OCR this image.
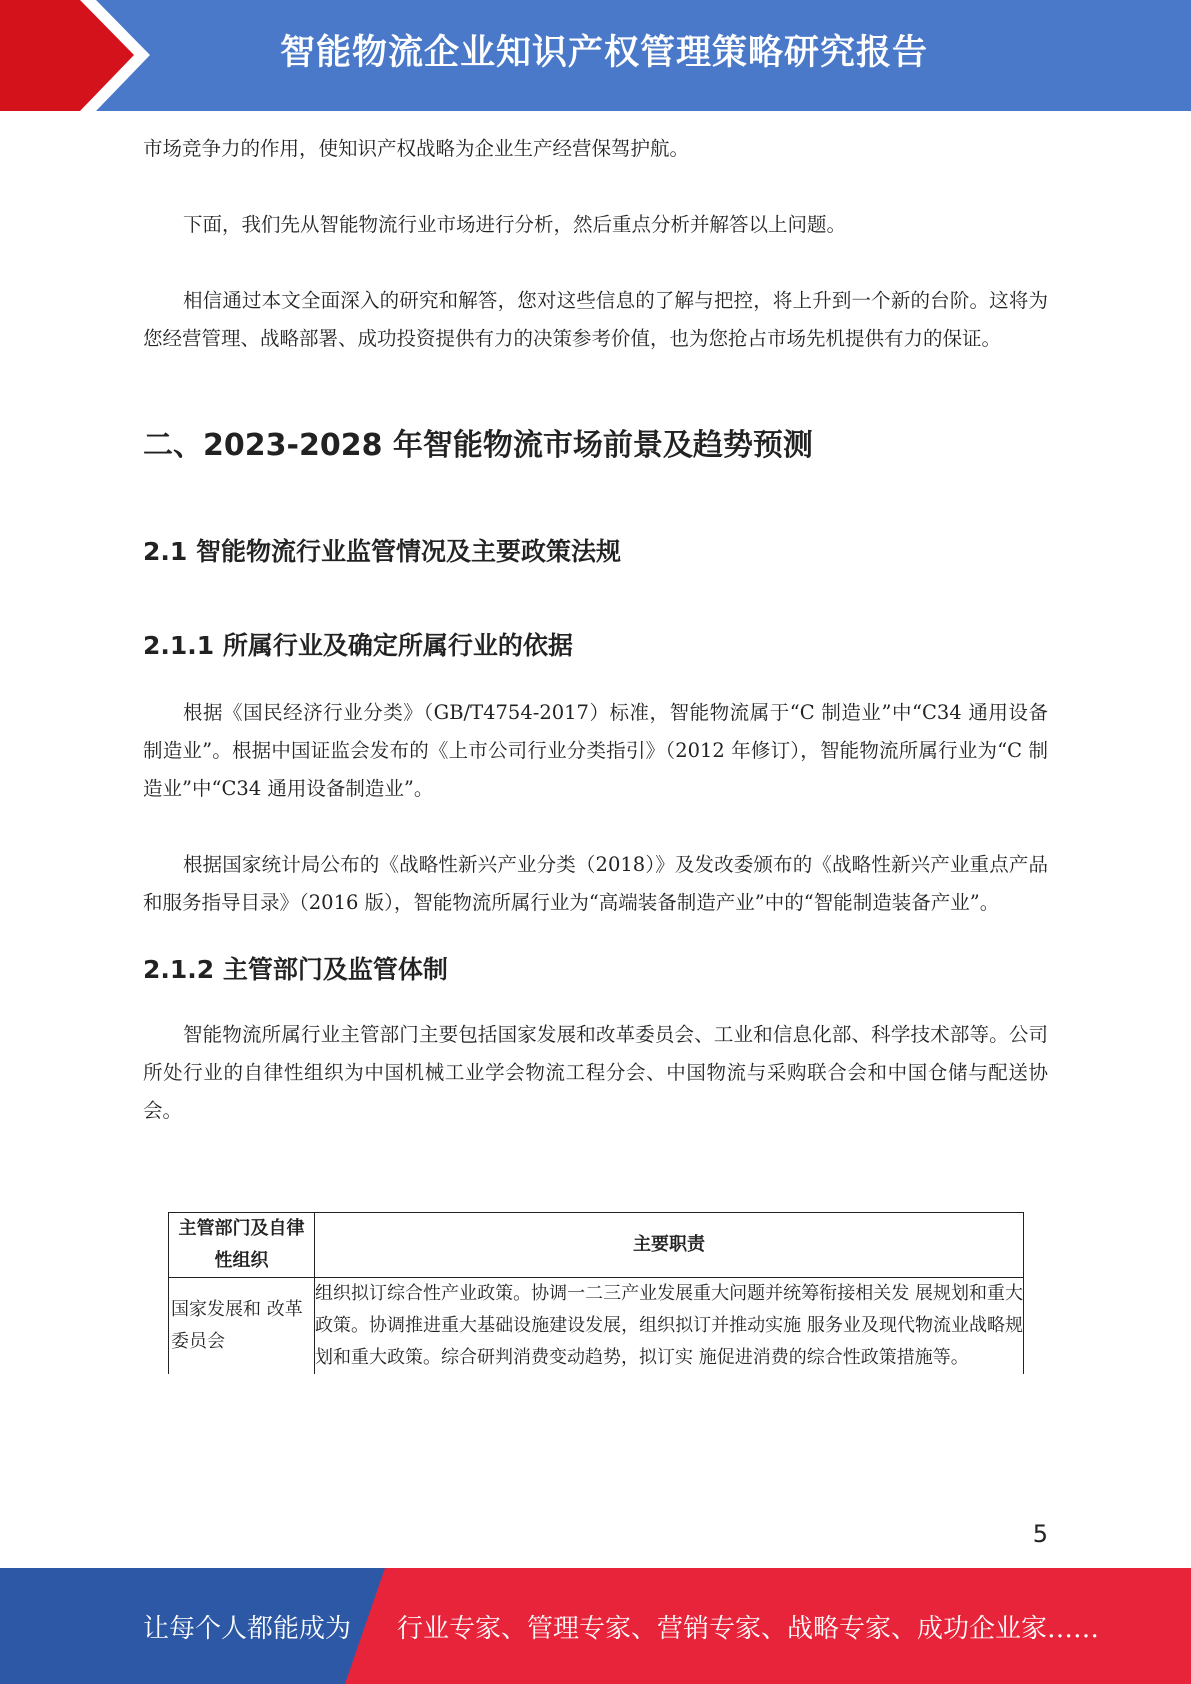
智能物流企业知识产权管理策略研究报告

市场竞争力的作用，使知识产权战略为企业生产经营保驾护航。

下面，我们先从智能物流行业市场进行分析，然后重点分析并解答以上问题。

相信通过本文全面深入的研究和解答，您对这些信息的了解与把控，将上升到一个新的台阶。这将为您经营管理、战略部署、成功投资提供有力的决策参考价值，也为您抢占市场先机提供有力的保证。

二、2023-2028 年智能物流市场前景及趋势预测
2.1 智能物流行业监管情况及主要政策法规
2.1.1 所属行业及确定所属行业的依据

根据《国民经济行业分类》（GB/T4754-2017）标准，智能物流属于“C 制造业”中“C34 通用设备制造业”。根据中国证监会发布的《上市公司行业分类指引》（2012 年修订），智能物流所属行业为“C 制造业”中“C34 通用设备制造业”。

根据国家统计局公布的《战略性新兴产业分类（2018）》及发改委颁布的《战略性新兴产业重点产品和服务指导目录》（2016 版），智能物流所属行业为“高端装备制造产业”中的“智能制造装备产业”。

2.1.2 主管部门及监管体制

智能物流所属行业主管部门主要包括国家发展和改革委员会、工业和信息化部、科学技术部等。公司所处行业的自律性组织为中国机械工业学会物流工程分会、中国物流与采购联合会和中国仓储与配送协会。

主管部门及自律性组织	主要职责
国家发展和 改革委员会	组织拟订综合性产业政策。协调一二三产业发展重大问题并统筹衔接相关发 展规划和重大政策。协调推进重大基础设施建设发展，组织拟订并推动实施 服务业及现代物流业战略规划和重大政策。综合研判消费变动趋势，拟订实 施促进消费的综合性政策措施等。
5
让每个人都能成为 行业专家、管理专家、营销专家、战略专家、成功企业家……
